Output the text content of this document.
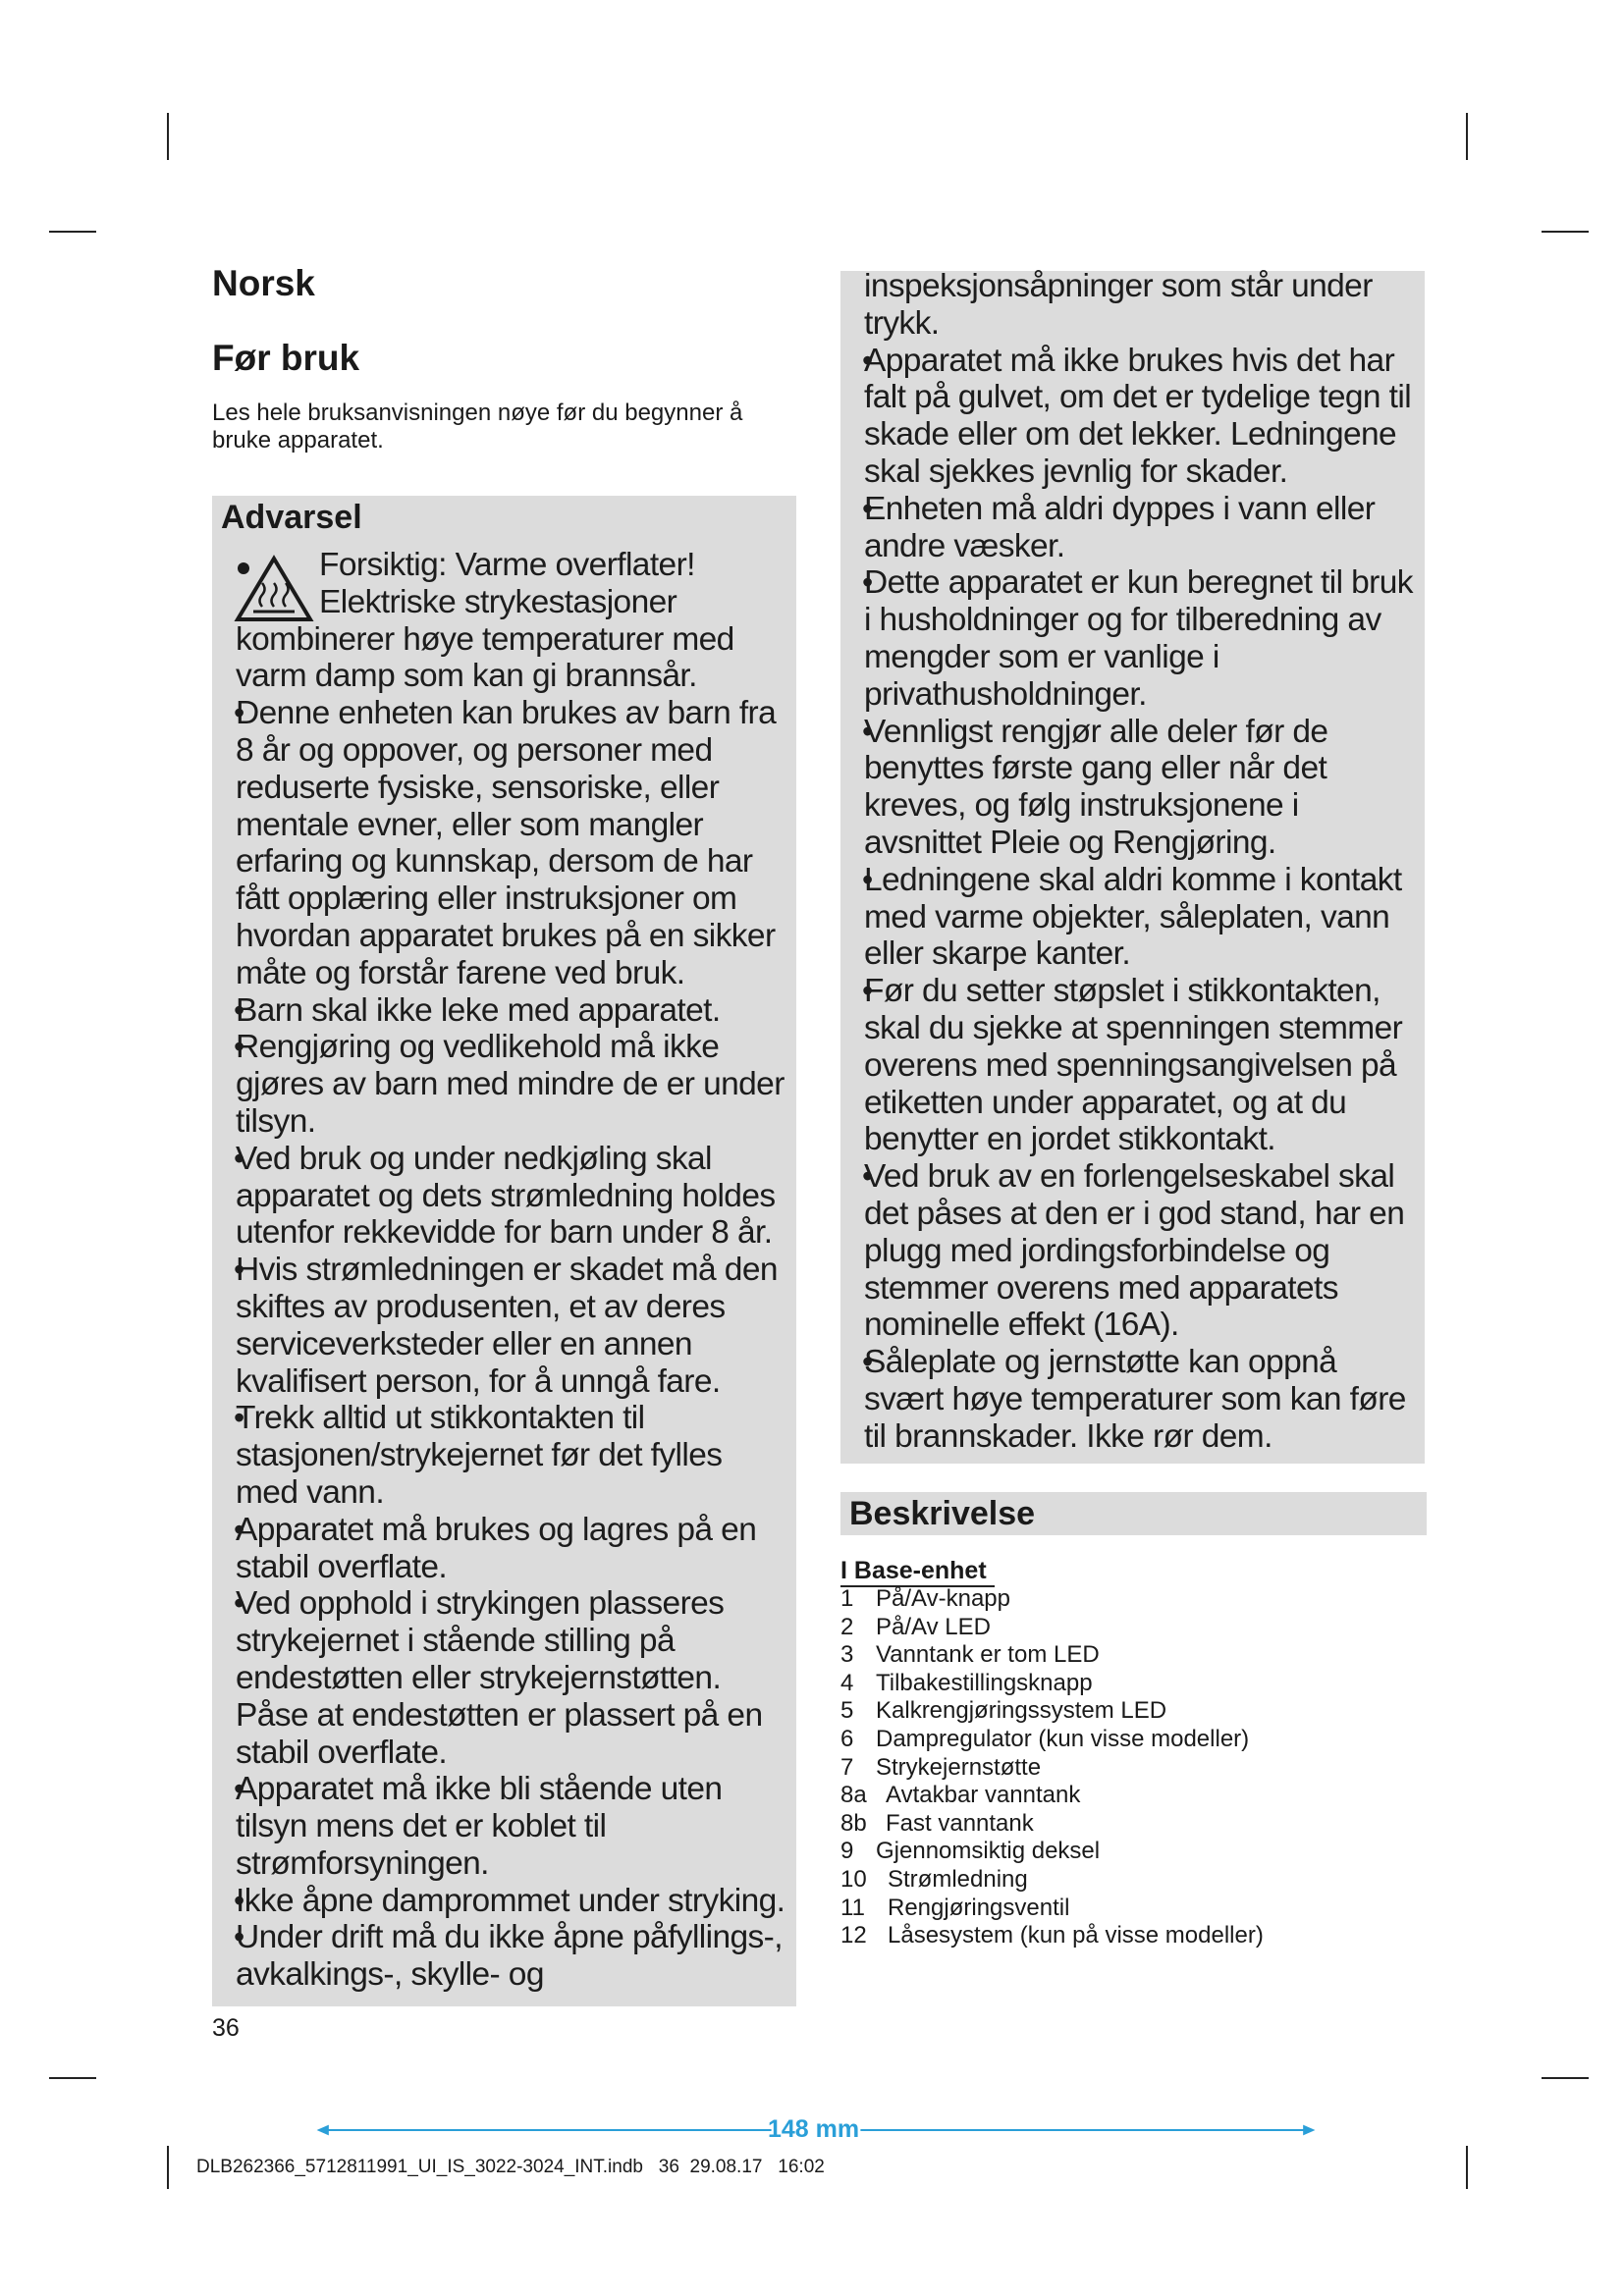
Norsk
Før bruk
Les hele bruksanvisningen nøye før du begynner å bruke apparatet.
Advarsel

Forsiktig: Varme overflater!

Elektriske strykestasjoner

kombinerer høye temperaturer med

varm damp som kan gi brannsår.

• Denne enheten kan brukes av barn fra

8 år og oppover, og personer med

reduserte fysiske, sensoriske, eller

mentale evner, eller som mangler

erfaring og kunnskap, dersom de har

fått opplæring eller instruksjoner om

hvordan apparatet brukes på en sikker

måte og forstår farene ved bruk.

• Barn skal ikke leke med apparatet.

• Rengjøring og vedlikehold må ikke

gjøres av barn med mindre de er under

tilsyn.

• Ved bruk og under nedkjøling skal

apparatet og dets strømledning holdes

utenfor rekkevidde for barn under 8 år.

• Hvis strømledningen er skadet må den

skiftes av produsenten, et av deres

serviceverksteder eller en annen

kvalifisert person, for å unngå fare.

• Trekk alltid ut stikkontakten til

stasjonen/strykejernet før det fylles

med vann.

• Apparatet må brukes og lagres på en

stabil overflate.

• Ved opphold i strykingen plasseres

strykejernet i stående stilling på

endestøtten eller strykejernstøtten.

Påse at endestøtten er plassert på en

stabil overflate.

• Apparatet må ikke bli stående uten

tilsyn mens det er koblet til

strømforsyningen.

• Ikke åpne damprommet under stryking.

• Under drift må du ikke åpne påfyllings-,

avkalkings-, skylle- og

inspeksjonsåpninger som står under

trykk.

• Apparatet må ikke brukes hvis det har

falt på gulvet, om det er tydelige tegn til

skade eller om det lekker. Ledningene

skal sjekkes jevnlig for skader.

• Enheten må aldri dyppes i vann eller

andre væsker.

• Dette apparatet er kun beregnet til bruk

i husholdninger og for tilberedning av

mengder som er vanlige i

privathusholdninger.

• Vennligst rengjør alle deler før de

benyttes første gang eller når det

kreves, og følg instruksjonene i

avsnittet Pleie og Rengjøring.

• Ledningene skal aldri komme i kontakt

med varme objekter, såleplaten, vann

eller skarpe kanter.

• Før du setter støpslet i stikkontakten,

skal du sjekke at spenningen stemmer

overens med spenningsangivelsen på

etiketten under apparatet, og at du

benytter en jordet stikkontakt.

• Ved bruk av en forlengelseskabel skal

det påses at den er i god stand, har en

plugg med jordingsforbindelse og

stemmer overens med apparatets

nominelle effekt (16A).

• Såleplate og jernstøtte kan oppnå

svært høye temperaturer som kan føre

til brannskader. Ikke rør dem.

Beskrivelse
I Base-enhet
1 På/Av-knapp
2 På/Av LED
3 Vanntank er tom LED
4 Tilbakestillingsknapp
5 Kalkrengjøringssystem LED
6 Dampregulator (kun visse modeller)
7 Strykejernstøtte
8a Avtakbar vanntank
8b Fast vanntank
9 Gjennomsiktig deksel
10 Strømledning
11 Rengjøringsventil
12 Låsesystem (kun på visse modeller)
36
148 mm
DLB262366_5712811991_UI_IS_3022-3024_INT.indb   36  29.08.17   16:02
